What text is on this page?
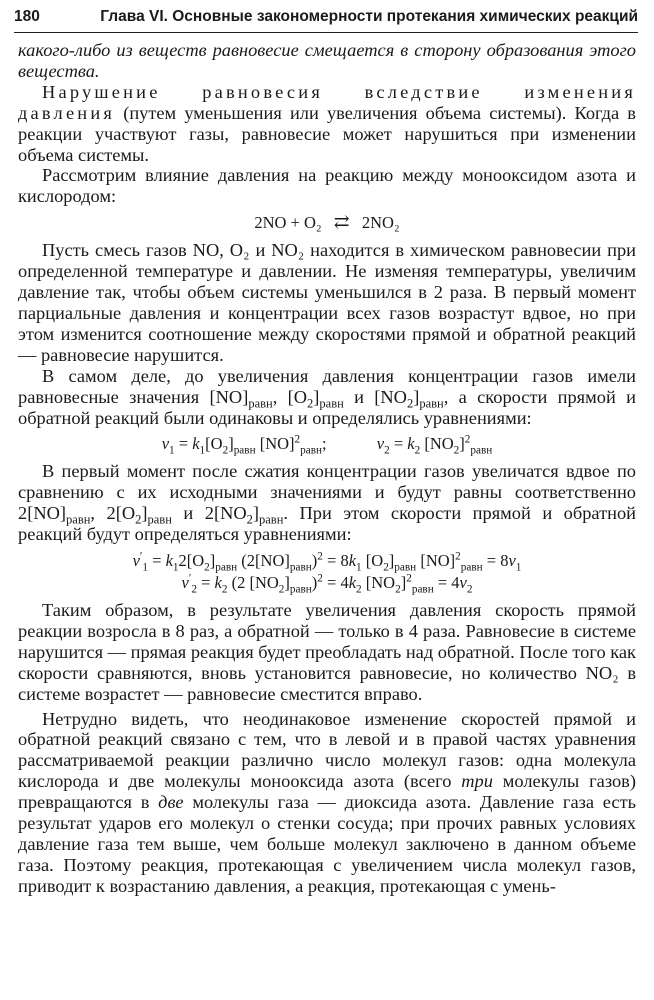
180	Глава VI. Основные закономерности протекания химических реакций

какого-либо из веществ равновесие смещается в сторону образования этого вещества.

Нарушение равновесия вследствие изменения давления (путем уменьшения или увеличения объема системы). Когда в реакции участвуют газы, равновесие может нарушиться при изменении объема системы.

Рассмотрим влияние давления на реакцию между монооксидом азота и кислородом:

2NO + O₂ ⇄ 2NO₂

Пусть смесь газов NO, O₂ и NO₂ находится в химическом равновесии при определенной температуре и давлении. Не изменяя температуры, увеличим давление так, чтобы объем системы уменьшился в 2 раза. В первый момент парциальные давления и концентрации всех газов возрастут вдвое, но при этом изменится соотношение между скоростями прямой и обратной реакций — равновесие нарушится.

В самом деле, до увеличения давления концентрации газов имели равновесные значения $[NO]_{равн}$, $[O_2]_{равн}$ и $[NO_2]_{равн}$, а скорости прямой и обратной реакций были одинаковы и определялись уравнениями:

$v_1 = k_1[O_2]_{равн}$ [NO]$^2_{равн}$;	$v_2 = k_2$ $[NO_2]^2_{равн}$

В первый момент после сжатия концентрации газов увеличатся вдвое по сравнению с их исходными значениями и будут равны соответственно $2[NO]_{равн}$, $2[O_2]_{равн}$ и $2[NO_2]_{равн}$. При этом скорости прямой и обратной реакций будут определяться уравнениями:

$v'_1 = k_12[O_2]_{равн}$ $(2[NO]_{равн})^2 = 8k_1$ $[O_2]_{равн}$ $[NO]^2_{равн} = 8v_1$
$v'_2 = k_2$ (2 $[NO_2]_{равн})^2 = 4k_2$ $[NO_2]^2_{равн} = 4v_2$

Таким образом, в результате увеличения давления скорость прямой реакции возросла в 8 раз, а обратной — только в 4 раза. Равновесие в системе нарушится — прямая реакция будет преобладать над обратной. После того как скорости сравняются, вновь установится равновесие, но количество NO₂ в системе возрастет — равновесие сместится вправо.

Нетрудно видеть, что неодинаковое изменение скоростей прямой и обратной реакций связано с тем, что в левой и в правой частях уравнения рассматриваемой реакции различно число молекул газов: одна молекула кислорода и две молекулы монооксида азота (всего три молекулы газов) превращаются в две молекулы газа — диоксида азота. Давление газа есть результат ударов его молекул о стенки сосуда; при прочих равных условиях давление газа тем выше, чем больше молекул заключено в данном объеме газа. Поэтому реакция, протекающая с увеличением числа молекул газов, приводит к возрастанию давления, а реакция, протекающая с умень-
